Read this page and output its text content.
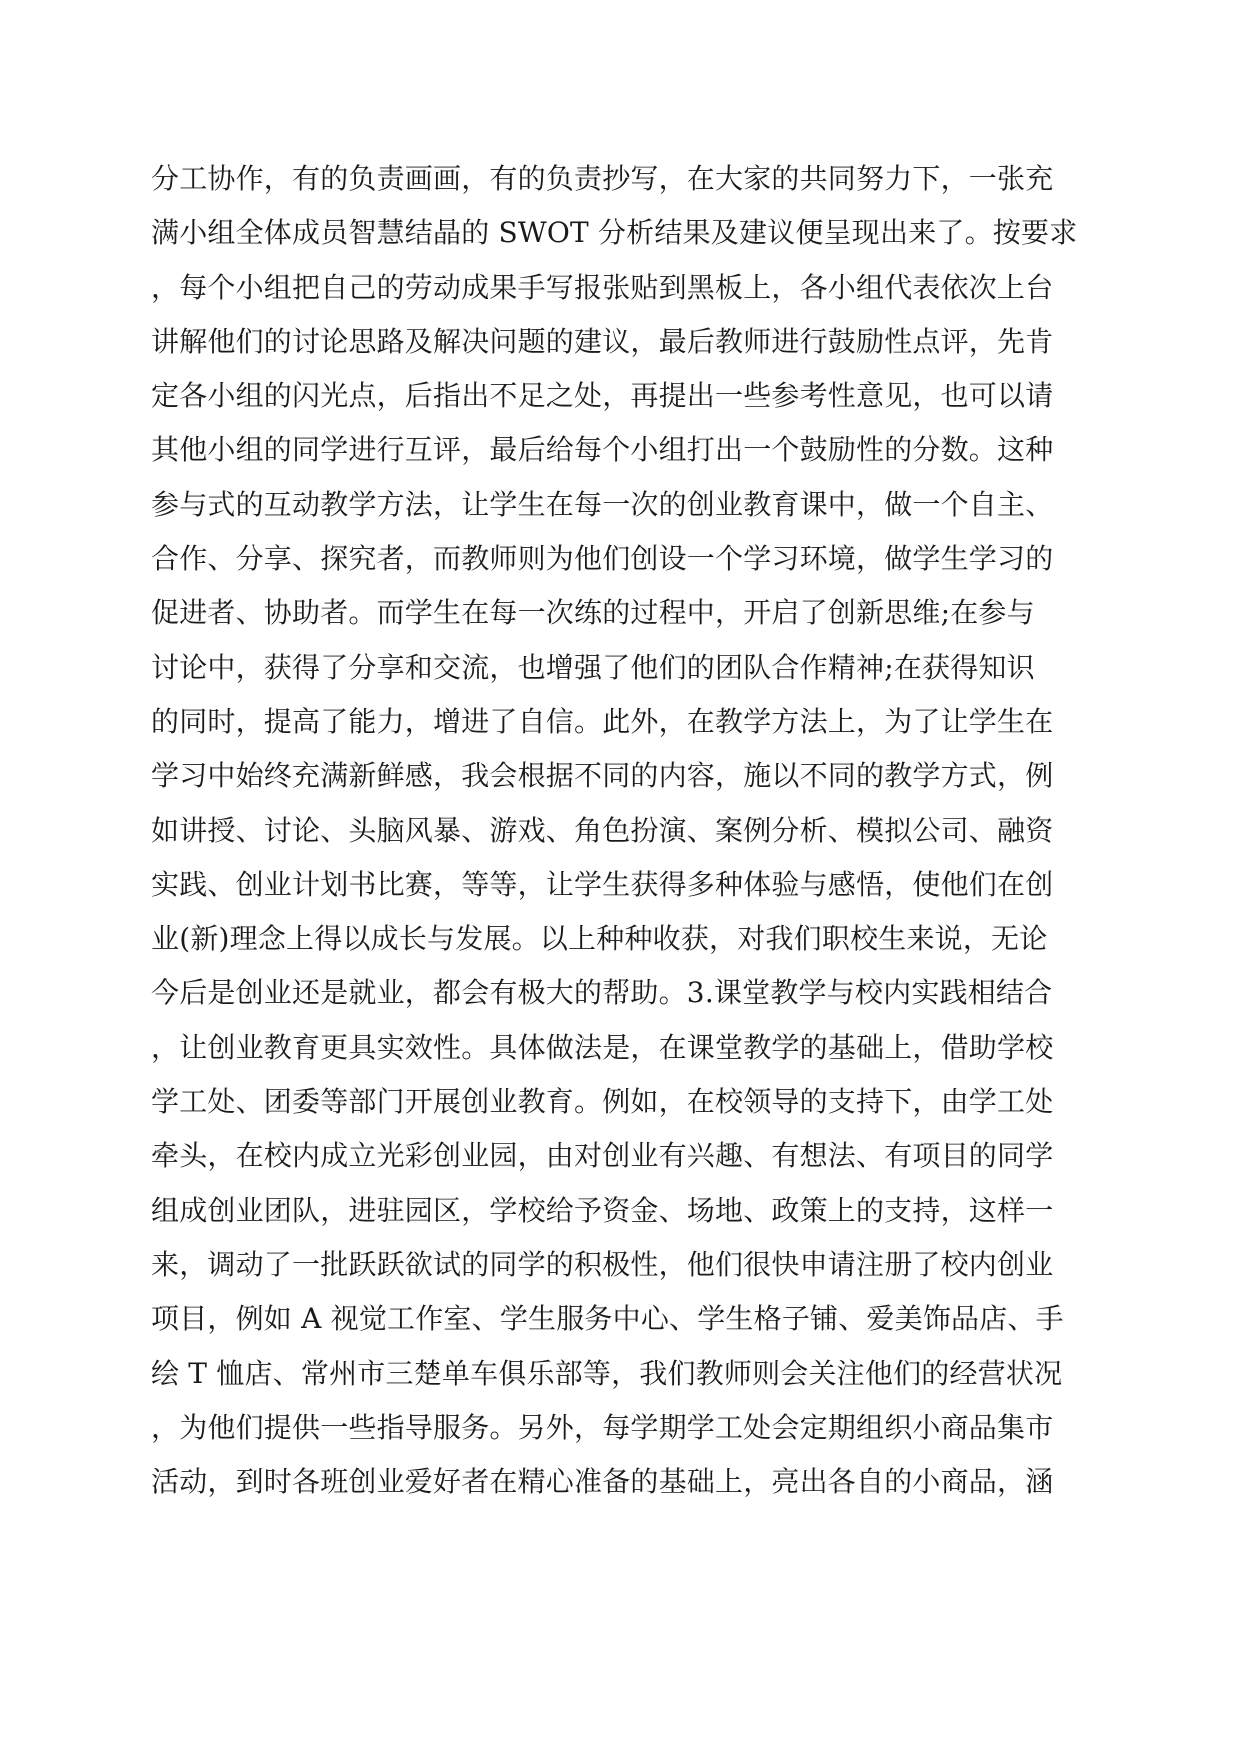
分工协作，有的负责画画，有的负责抄写，在大家的共同努力下，一张充
满小组全体成员智慧结晶的 SWOT 分析结果及建议便呈现出来了。按要求
，每个小组把自己的劳动成果手写报张贴到黑板上，各小组代表依次上台
讲解他们的讨论思路及解决问题的建议，最后教师进行鼓励性点评，先肯
定各小组的闪光点，后指出不足之处，再提出一些参考性意见，也可以请
其他小组的同学进行互评，最后给每个小组打出一个鼓励性的分数。这种
参与式的互动教学方法，让学生在每一次的创业教育课中，做一个自主、
合作、分享、探究者，而教师则为他们创设一个学习环境，做学生学习的
促进者、协助者。而学生在每一次练的过程中，开启了创新思维;在参与
讨论中，获得了分享和交流，也增强了他们的团队合作精神;在获得知识
的同时，提高了能力，增进了自信。此外，在教学方法上，为了让学生在
学习中始终充满新鲜感，我会根据不同的内容，施以不同的教学方式，例
如讲授、讨论、头脑风暴、游戏、角色扮演、案例分析、模拟公司、融资
实践、创业计划书比赛，等等，让学生获得多种体验与感悟，使他们在创
业(新)理念上得以成长与发展。以上种种收获，对我们职校生来说，无论
今后是创业还是就业，都会有极大的帮助。3.课堂教学与校内实践相结合
，让创业教育更具实效性。具体做法是，在课堂教学的基础上，借助学校
学工处、团委等部门开展创业教育。例如，在校领导的支持下，由学工处
牵头，在校内成立光彩创业园，由对创业有兴趣、有想法、有项目的同学
组成创业团队，进驻园区，学校给予资金、场地、政策上的支持，这样一
来，调动了一批跃跃欲试的同学的积极性，他们很快申请注册了校内创业
项目，例如 A 视觉工作室、学生服务中心、学生格子铺、爱美饰品店、手
绘 T 恤店、常州市三楚单车俱乐部等，我们教师则会关注他们的经营状况
，为他们提供一些指导服务。另外，每学期学工处会定期组织小商品集市
活动，到时各班创业爱好者在精心准备的基础上，亮出各自的小商品，涵
